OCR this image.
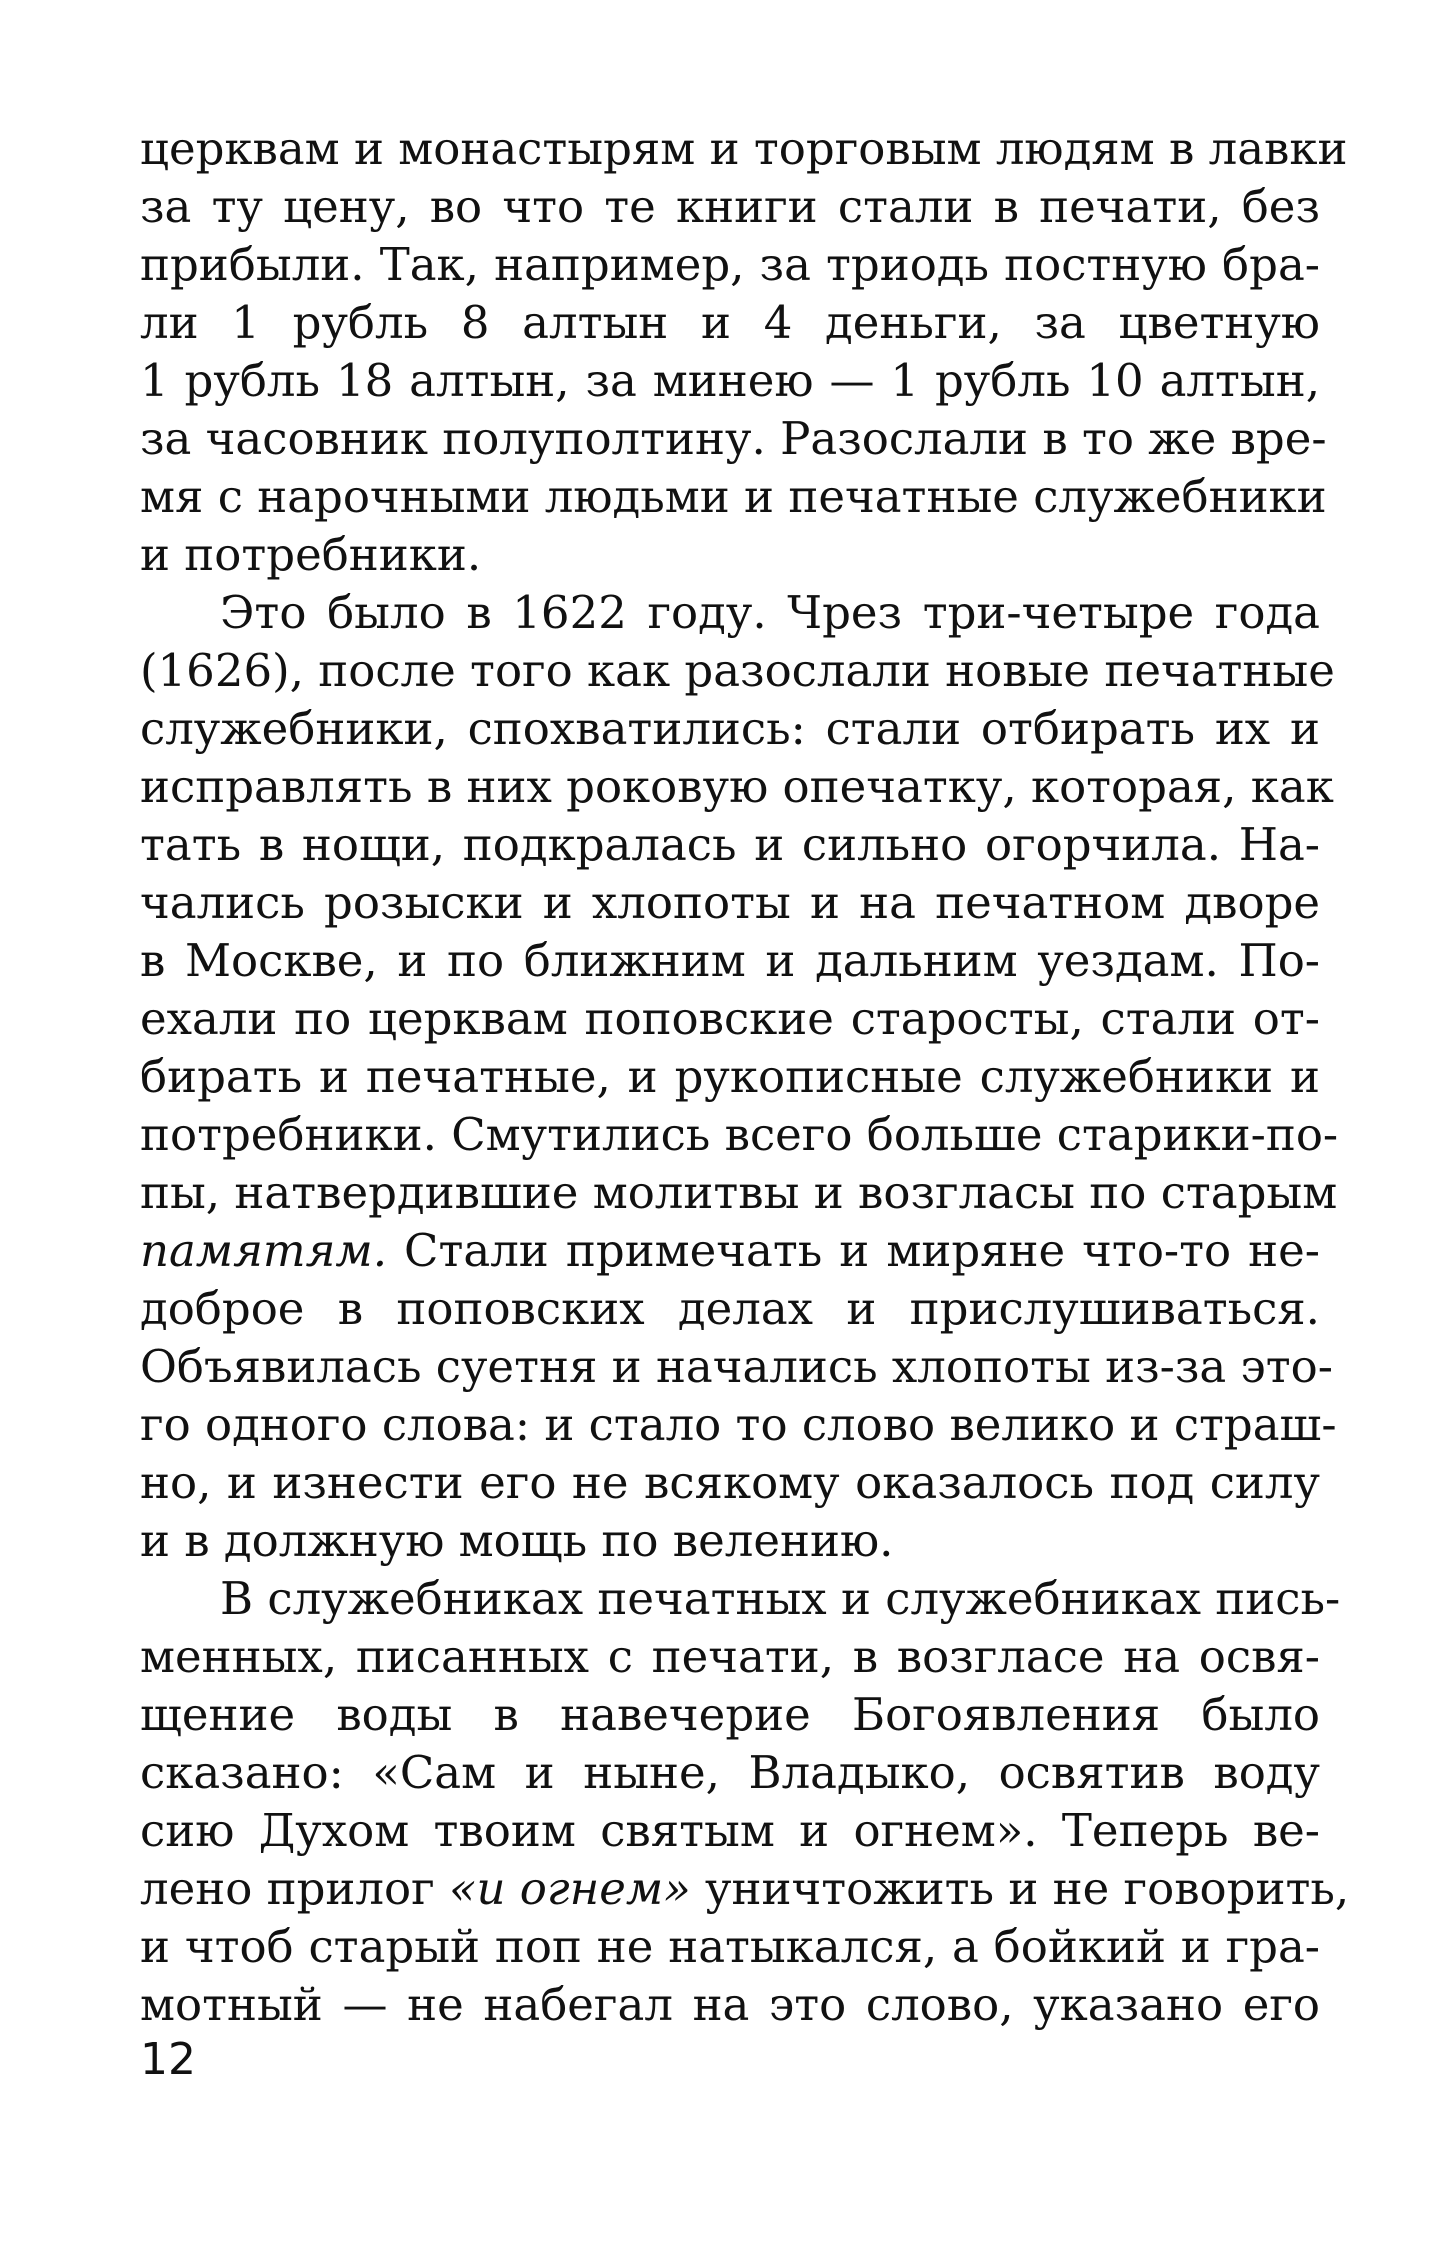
церквам и монастырям и торговым людям в лавки
за ту цену, во что те книги стали в печати, без
прибыли. Так, например, за триодь постную бра-
ли 1 рубль 8 алтын и 4 деньги, за цветную
1 рубль 18 алтын, за минею — 1 рубль 10 алтын,
за часовник полуполтину. Разослали в то же вре-
мя с нарочными людьми и печатные служебники
и потребники.
Это было в 1622 году. Чрез три-четыре года
(1626), после того как разослали новые печатные
служебники, спохватились: стали отбирать их и
исправлять в них роковую опечатку, которая, как
тать в нощи, подкралась и сильно огорчила. На-
чались розыски и хлопоты и на печатном дворе
в Москве, и по ближним и дальним уездам. По-
ехали по церквам поповские старосты, стали от-
бирать и печатные, и рукописные служебники и
потребники. Смутились всего больше старики-по-
пы, натвердившие молитвы и возгласы по старым
памятям. Стали примечать и миряне что-то не-
доброе в поповских делах и прислушиваться.
Объявилась суетня и начались хлопоты из-за это-
го одного слова: и стало то слово велико и страш-
но, и изнести его не всякому оказалось под силу
и в должную мощь по велению.
В служебниках печатных и служебниках пись-
менных, писанных с печати, в возгласе на освя-
щение воды в навечерие Богоявления было
сказано: «Сам и ныне, Владыко, освятив воду
сию Духом твоим святым и огнем». Теперь ве-
лено прилог «и огнем» уничтожить и не говорить,
и чтоб старый поп не натыкался, а бойкий и гра-
мотный — не набегал на это слово, указано его
12
